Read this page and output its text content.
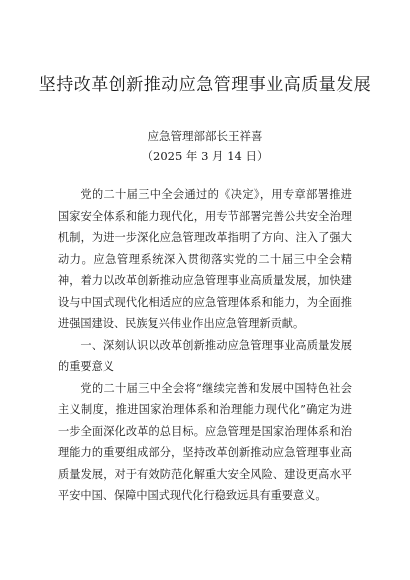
坚持改革创新推动应急管理事业高质量发展

应急管理部部长王祥喜

（2025 年 3 月 14 日）

党的二十届三中全会通过的《决定》，用专章部署推进国家安全体系和能力现代化，用专节部署完善公共安全治理机制，为进一步深化应急管理改革指明了方向、注入了强大动力。应急管理系统深入贯彻落实党的二十届三中全会精神，着力以改革创新推动应急管理事业高质量发展，加快建设与中国式现代化相适应的应急管理体系和能力，为全面推进强国建设、民族复兴伟业作出应急管理新贡献。

一、深刻认识以改革创新推动应急管理事业高质量发展的重要意义

党的二十届三中全会将“继续完善和发展中国特色社会主义制度，推进国家治理体系和治理能力现代化”确定为进一步全面深化改革的总目标。应急管理是国家治理体系和治理能力的重要组成部分，坚持改革创新推动应急管理事业高质量发展，对于有效防范化解重大安全风险、建设更高水平平安中国、保障中国式现代化行稳致远具有重要意义。
